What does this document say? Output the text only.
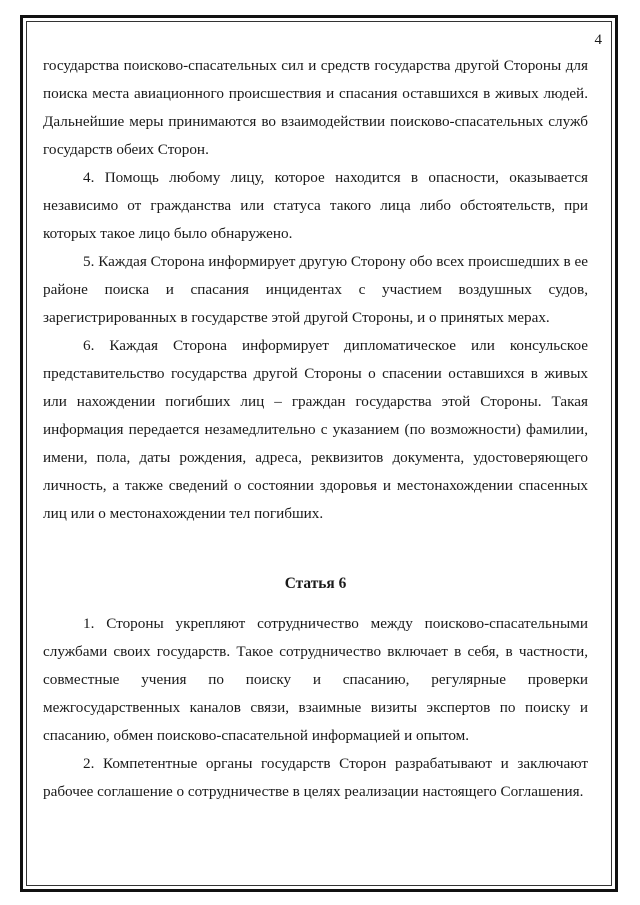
4

государства поисково-спасательных сил и средств государства другой Стороны для поиска места авиационного происшествия и спасания оставшихся в живых людей. Дальнейшие меры принимаются во взаимодействии поисково-спасательных служб государств обеих Сторон.

4. Помощь любому лицу, которое находится в опасности, оказывается независимо от гражданства или статуса такого лица либо обстоятельств, при которых такое лицо было обнаружено.

5. Каждая Сторона информирует другую Сторону обо всех происшедших в ее районе поиска и спасания инцидентах с участием воздушных судов, зарегистрированных в государстве этой другой Стороны, и о принятых мерах.

6. Каждая Сторона информирует дипломатическое или консульское представительство государства другой Стороны о спасении оставшихся в живых или нахождении погибших лиц – граждан государства этой Стороны. Такая информация передается незамедлительно с указанием (по возможности) фамилии, имени, пола, даты рождения, адреса, реквизитов документа, удостоверяющего личность, а также сведений о состоянии здоровья и местонахождении спасенных лиц или о местонахождении тел погибших.

Статья 6

1. Стороны укрепляют сотрудничество между поисково-спасательными службами своих государств. Такое сотрудничество включает в себя, в частности, совместные учения по поиску и спасанию, регулярные проверки межгосударственных каналов связи, взаимные визиты экспертов по поиску и спасанию, обмен поисково-спасательной информацией и опытом.

2. Компетентные органы государств Сторон разрабатывают и заключают рабочее соглашение о сотрудничестве в целях реализации настоящего Соглашения.
